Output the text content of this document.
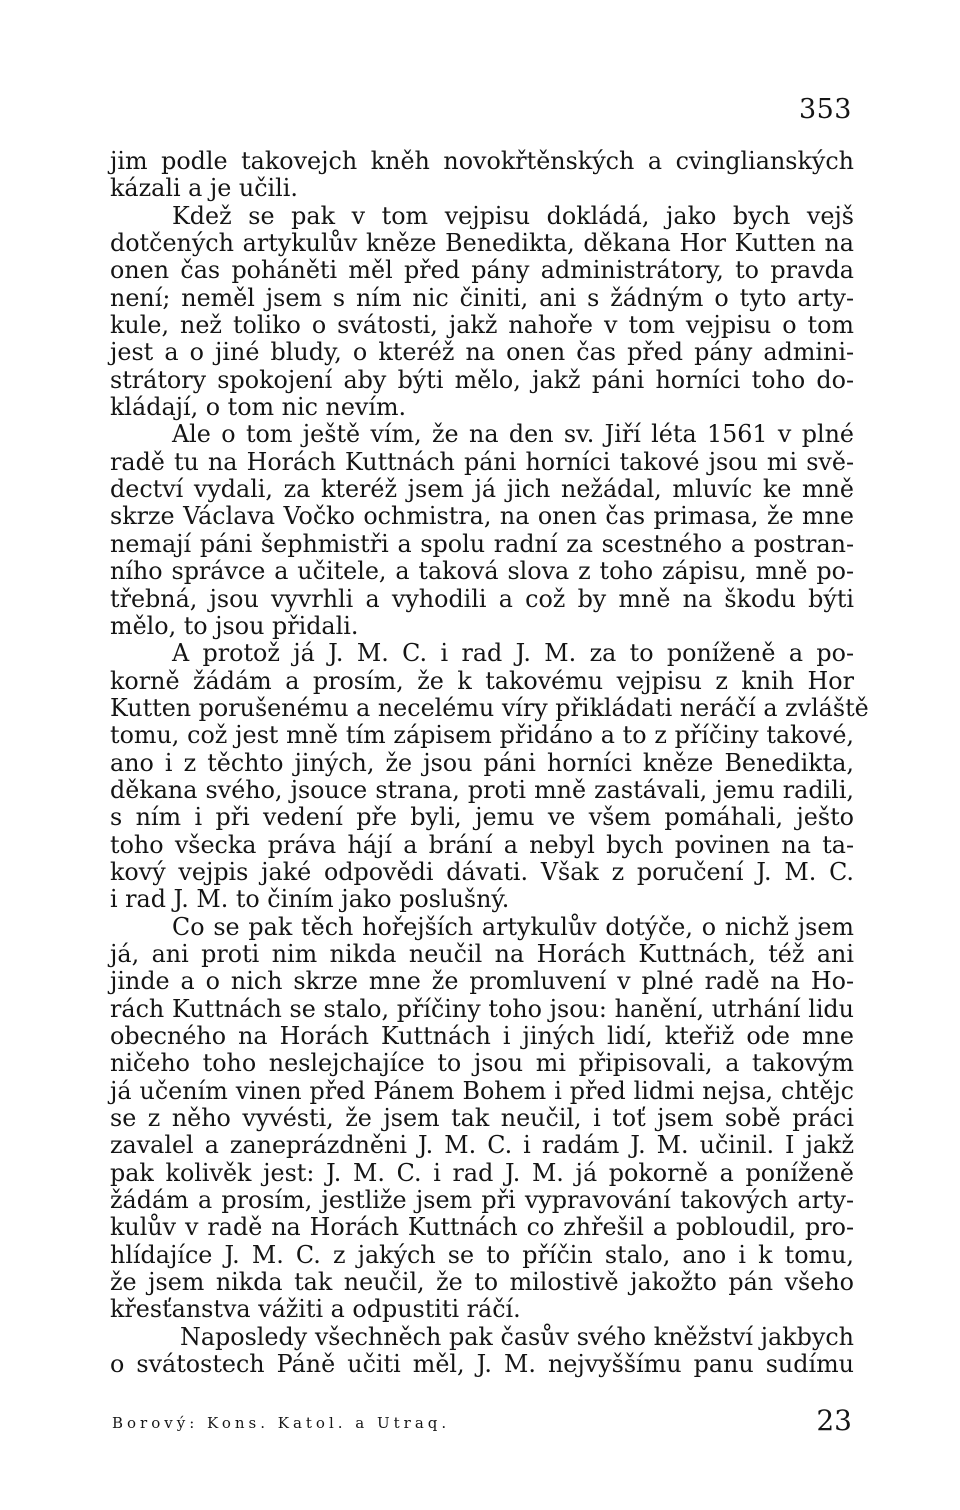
353
jim podle takovejch kněh novokřtěnských a cvinglianských
kázali a je učili.
Kdež se pak v tom vejpisu dokládá, jako bych vejš
dotčených artykulův kněze Benedikta, děkana Hor Kutten na
onen čas poháněti měl před pány administrátory, to pravda
není; neměl jsem s ním nic činiti, ani s žádným o tyto arty-
kule, než toliko o svátosti, jakž nahoře v tom vejpisu o tom
jest a o jiné bludy, o kteréž na onen čas před pány admini-
strátory spokojení aby býti mělo, jakž páni horníci toho do-
kládají, o tom nic nevím.
Ale o tom ještě vím, že na den sv. Jiří léta 1561 v plné
radě tu na Horách Kuttnách páni horníci takové jsou mi svě-
dectví vydali, za kteréž jsem já jich nežádal, mluvíc ke mně
skrze Václava Vočko ochmistra, na onen čas primasa, že mne
nemají páni šephmistři a spolu radní za scestného a postran-
ního správce a učitele, a taková slova z toho zápisu, mně po-
třebná, jsou vyvrhli a vyhodili a což by mně na škodu býti
mělo, to jsou přidali.
A protož já J. M. C. i rad J. M. za to poníženě a po-
korně žádám a prosím, že k takovému vejpisu z knih Hor
Kutten porušenému a necelému víry přikládati neráčí a zvláště
tomu, což jest mně tím zápisem přidáno a to z příčiny takové,
ano i z těchto jiných, že jsou páni horníci kněze Benedikta,
děkana svého, jsouce strana, proti mně zastávali, jemu radili,
s ním i při vedení pře byli, jemu ve všem pomáhali, ješto
toho všecka práva hájí a brání a nebyl bych povinen na ta-
kový vejpis jaké odpovědi dávati. Však z poručení J. M. C.
i rad J. M. to činím jako poslušný.
Co se pak těch hořejších artykulův dotýče, o nichž jsem
já, ani proti nim nikda neučil na Horách Kuttnách, též ani
jinde a o nich skrze mne že promluvení v plné radě na Ho-
rách Kuttnách se stalo, příčiny toho jsou: hanění, utrhání lidu
obecného na Horách Kuttnách i jiných lidí, kteřiž ode mne
ničeho toho neslejchajíce to jsou mi připisovali, a takovým
já učením vinen před Pánem Bohem i před lidmi nejsa, chtějc
se z něho vyvésti, že jsem tak neučil, i toť jsem sobě práci
zavalel a zaneprázdněni J. M. C. i radám J. M. učinil. I jakž
pak kolivěk jest: J. M. C. i rad J. M. já pokorně a poníženě
žádám a prosím, jestliže jsem při vypravování takových arty-
kulův v radě na Horách Kuttnách co zhřešil a pobloudil, pro-
hlídajíce J. M. C. z jakých se to příčin stalo, ano i k tomu,
že jsem nikda tak neučil, že to milostivě jakožto pán všeho
křesťanstva vážiti a odpustiti ráčí.
Naposledy všechněch pak časův svého kněžství jakbych
o svátostech Páně učiti měl, J. M. nejvyššímu panu sudímu
Borový: Kons. Katol. a Utraq.	23
